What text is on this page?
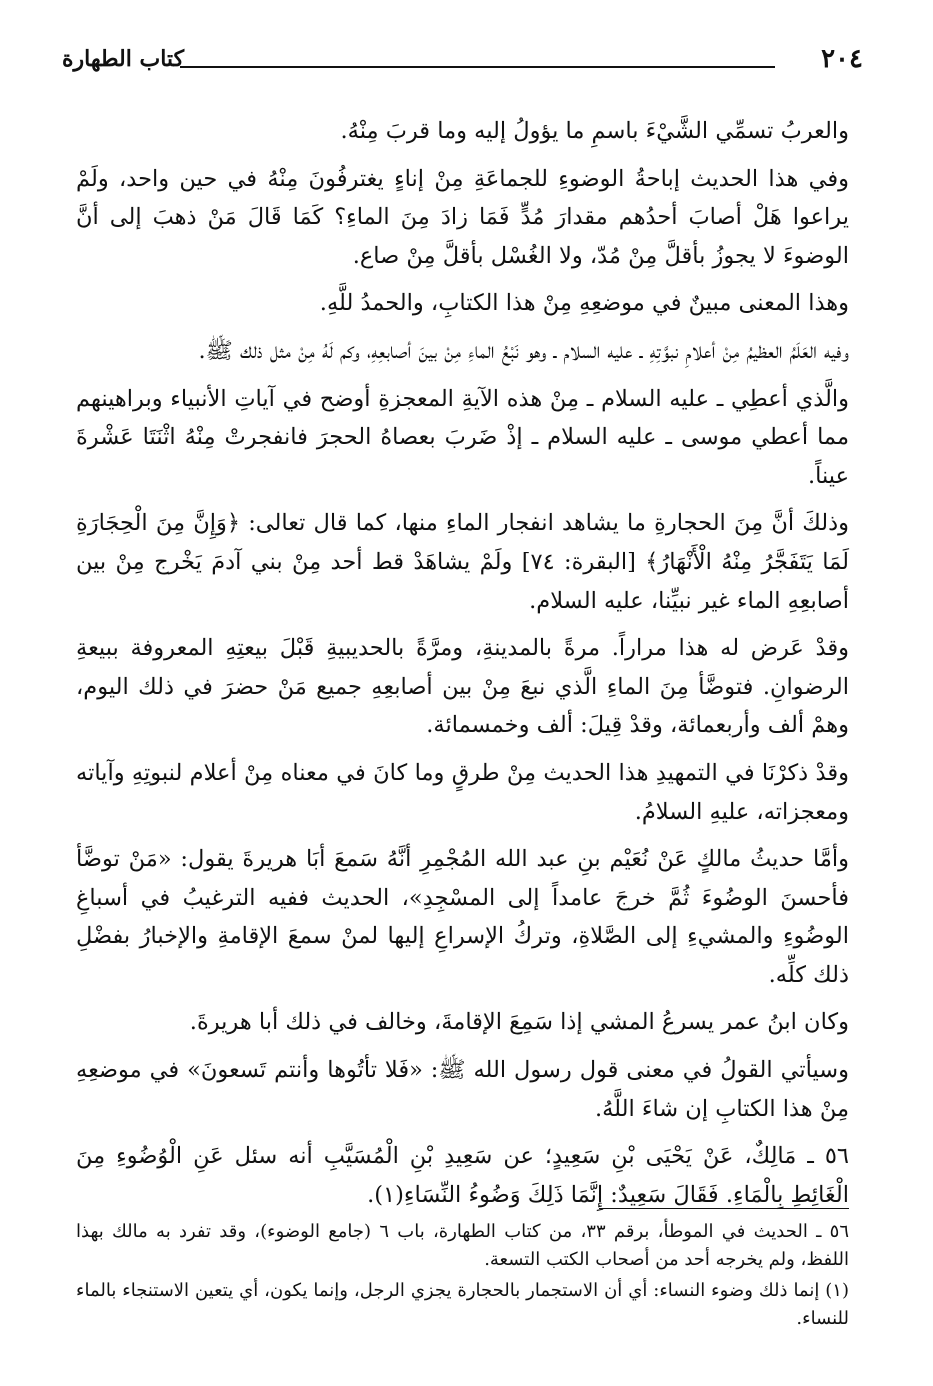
٢٠٤
كتاب الطهارة

والعربُ تسمِّي الشَّيْءَ باسمِ ما يؤولُ إليه وما قربَ مِنْهُ.

وفي هذا الحديث إباحةُ الوضوءِ للجماعَةِ مِنْ إناءٍ يغترفُونَ مِنْهُ في حين واحد، ولَمْ يراعوا هَلْ أصابَ أحدُهم مقدارَ مُدٍّ فَمَا زادَ مِنَ الماءِ؟ كَمَا قَالَ مَنْ ذهبَ إلى أنَّ الوضوءَ لا يجوزُ بأقلَّ مِنْ مُدّ، ولا الغُسْل بأقلَّ مِنْ صاع.

وهذا المعنى مبينٌ في موضعِهِ مِنْ هذا الكتابِ، والحمدُ للَّهِ.

وفيه العَلَمُ العظيمُ مِنْ أعلامِ نبوَّتِهِ ـ عليه السلام ـ وهو نَبْعُ الماءِ مِنْ بينَ أصابعِهِ، وكم لَهُ مِنْ مثل ذلك ﷺ.

والَّذي أعطِي ـ عليه السلام ـ مِنْ هذه الآيةِ المعجزةِ أوضح في آياتِ الأنبياء وبراهينهم مما أعطي موسى ـ عليه السلام ـ إذْ ضَربَ بعصاهُ الحجرَ فانفجرتْ مِنْهُ اثْنَتَا عَشْرةَ عيناً.

وذلكَ أنَّ مِنَ الحجارةِ ما يشاهد انفجار الماءِ منها، كما قال تعالى: ﴿وَإِنَّ مِنَ الْحِجَارَةِ لَمَا يَتَفَجَّرُ مِنْهُ الْأَنْهَارُ﴾ [البقرة: ٧٤] ولَمْ يشاهَدْ قط أحد مِنْ بني آدمَ يَخْرج مِنْ بين أصابعِهِ الماء غير نبيِّنا، عليه السلام.

وقدْ عَرض له هذا مراراً. مرةً بالمدينةِ، ومرَّةً بالحديبيةِ قَبْلَ بيعتِهِ المعروفة ببيعةِ الرضوانِ. فتوضَّأ مِنَ الماءِ الَّذي نبعَ مِنْ بين أصابعِهِ جميع مَنْ حضرَ في ذلك اليوم، وهمْ ألف وأربعمائة، وقدْ قِيلَ: ألف وخمسمائة.

وقدْ ذكرْنَا في التمهيدِ هذا الحديث مِنْ طرقٍ وما كانَ في معناه مِنْ أعلام لنبوتِهِ وآياته ومعجزاته، عليهِ السلامُ.

وأمَّا حديثُ مالكٍ عَنْ نُعَيْم بنِ عبد الله المُجْمِرِ أنَّهُ سَمعَ أبَا هريرةَ يقول: «مَنْ توضَّأ فأحسنَ الوضُوءَ ثُمَّ خرجَ عامداً إلى المسْجِدِ»، الحديث ففيه الترغيبُ في أسباغِ الوضُوءِ والمشيءِ إلى الصَّلاةِ، وتركُ الإسراعِ إليها لمنْ سمعَ الإقامةِ والإخبارُ بفضْلِ ذلك كلِّه.

وكان ابنُ عمر يسرعُ المشي إذا سَمِعَ الإقامةَ، وخالف في ذلك أبا هريرةَ.

وسيأتي القولُ في معنى قول رسول الله ﷺ: «فَلا تأتُوها وأنتم تَسعونَ» في موضعِهِ مِنْ هذا الكتابِ إن شاءَ اللَّهُ.

٥٦ ـ مَالِكٌ، عَنْ يَحْيَى بْنِ سَعِيدٍ؛ عن سَعِيدِ بْنِ الْمُسَيَّبِ أنه سئل عَنِ الْوُضُوءِ مِنَ الْغَائِطِ بِالْمَاءِ. فَقَالَ سَعِيدٌ: إِنَّمَا ذَلِكَ وَضُوءُ النِّسَاءِ(١).

٥٦ ـ الحديث في الموطأ، برقم ٣٣، من كتاب الطهارة، باب ٦ (جامع الوضوء)، وقد تفرد به مالك بهذا اللفظ، ولم يخرجه أحد من أصحاب الكتب التسعة.

(١) إنما ذلك وضوء النساء: أي أن الاستجمار بالحجارة يجزي الرجل، وإنما يكون، أي يتعين الاستنجاء بالماء للنساء.
